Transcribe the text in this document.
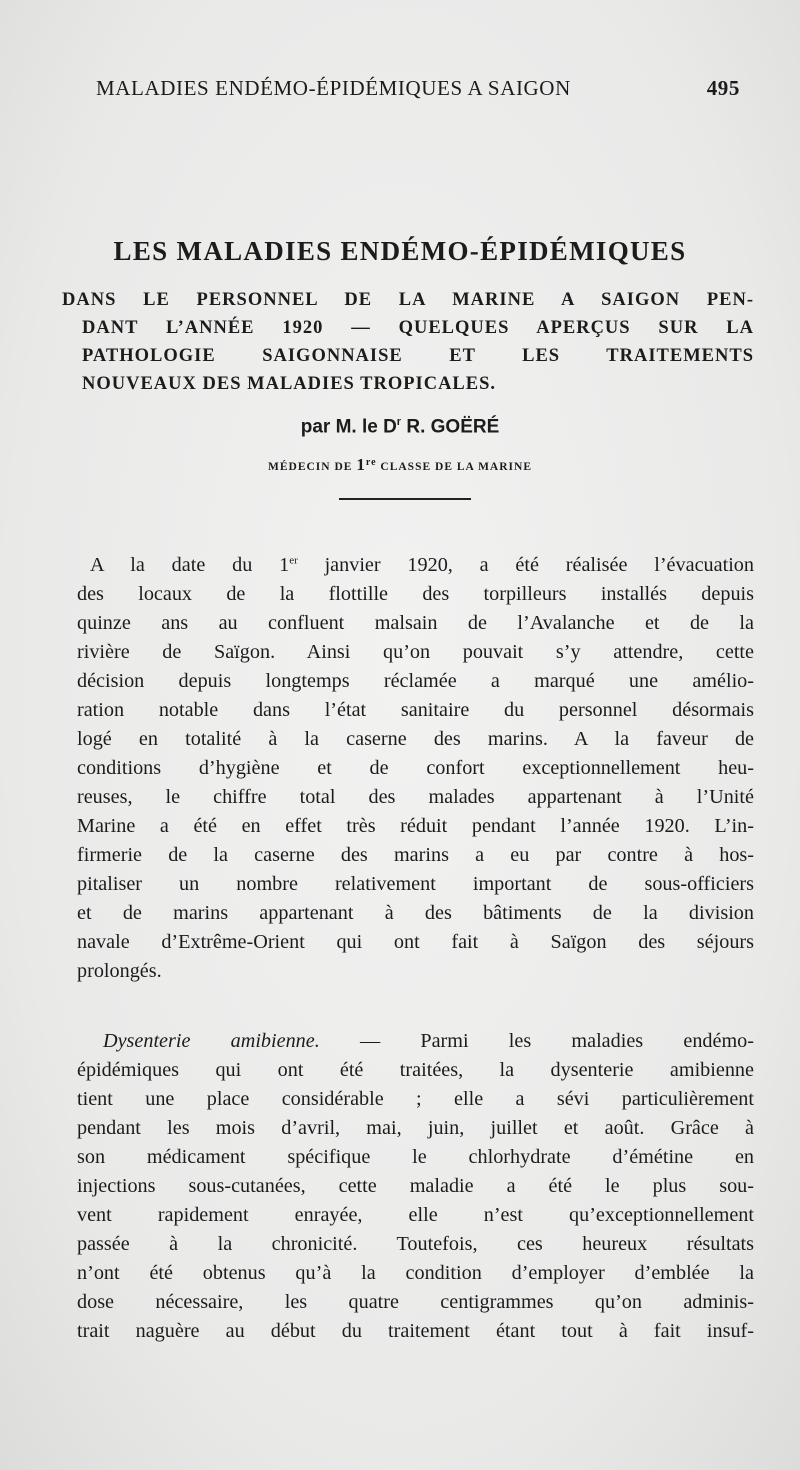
MALADIES ENDÉMO-ÉPIDÉMIQUES A SAIGON	495
LES MALADIES ENDÉMO-ÉPIDÉMIQUES
DANS LE PERSONNEL DE LA MARINE A SAIGON PEN-
DANT L’ANNÉE 1920 — QUELQUES APERÇUS SUR LA
PATHOLOGIE SAIGONNAISE ET LES TRAITEMENTS
NOUVEAUX DES MALADIES TROPICALES.
par M. le $D^r$ R. GOËRÉ
MÉDECIN DE 1re CLASSE DE LA MARINE
A la date du 1er janvier 1920, a été réalisée l’évacuation
des locaux de la flottille des torpilleurs installés depuis
quinze ans au confluent malsain de l’Avalanche et de la
rivière de Saïgon. Ainsi qu’on pouvait s’y attendre, cette
décision depuis longtemps réclamée a marqué une amélio-
ration notable dans l’état sanitaire du personnel désormais
logé en totalité à la caserne des marins. A la faveur de
conditions d’hygiène et de confort exceptionnellement heu-
reuses, le chiffre total des malades appartenant à l’Unité
Marine a été en effet très réduit pendant l’année 1920. L’in-
firmerie de la caserne des marins a eu par contre à hos-
pitaliser un nombre relativement important de sous-officiers
et de marins appartenant à des bâtiments de la division
navale d’Extrême-Orient qui ont fait à Saïgon des séjours
prolongés.
Dysenterie amibienne. — Parmi les maladies endémo-
épidémiques qui ont été traitées, la dysenterie amibienne
tient une place considérable ; elle a sévi particulièrement
pendant les mois d’avril, mai, juin, juillet et août. Grâce à
son médicament spécifique le chlorhydrate d’émétine en
injections sous-cutanées, cette maladie a été le plus sou-
vent rapidement enrayée, elle n’est qu’exceptionnellement
passée à la chronicité. Toutefois, ces heureux résultats
n’ont été obtenus qu’à la condition d’employer d’emblée la
dose nécessaire, les quatre centigrammes qu’on adminis-
trait naguère au début du traitement étant tout à fait insuf-
